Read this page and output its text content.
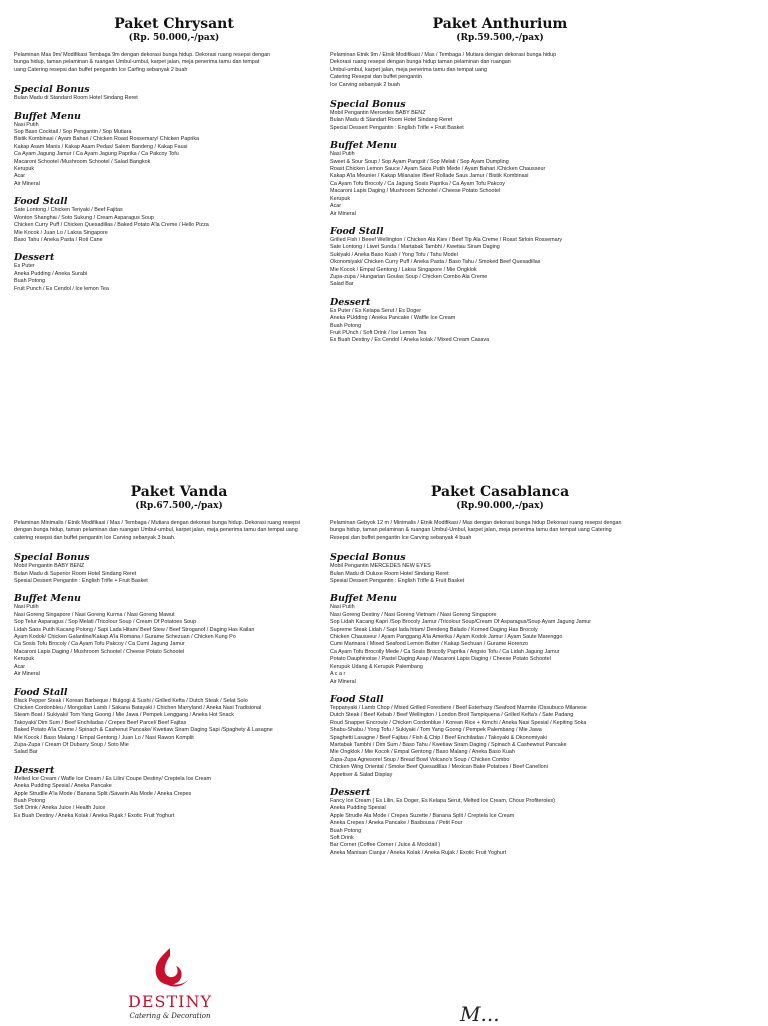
Paket Chrysant
(Rp. 50.000,-/pax)
Pelaminan Mas 9m/ Modifikasi Tembaga 9m dengan dekorasi bunga hidup. Dekorasi ruang resepsi dengan
bunga hidup, taman pelaminan & ruangan Umbul-umbul, karpet jalan, meja penerima tamu dan tempat
uang Catering resepsi dan buffet pengantin Ice Carfing sebanyak 2 buah
Special Bonus
Bulan Madu di Standard Room Hotel Sindang Reret
Buffet Menu
Nasi Putih
Sop Baso Cocktail / Sop Pengantin / Sop Mutiara
Bistik Kombinasi / Ayam Bahari / Chicken Roast Rossemary/ Chicken Paprika
Kakap Asam Manis / Kakap Asam Pedas/ Salem Bandeng / Kakap Fausi
Ca Ayam Jagung Jamur / Ca Ayam Jagung Paprika / Ca Pakcoy Tofu
Macaroni Schootel /Mushroom Schootel / Salad Bangkok
Kerupuk
Acar
Air Mineral
Food Stall
Sate Lontong / Chicken Teriyaki / Beef Fajitas
Wonton Shanghai / Soto Sukung / Cream Asparagus Soup
Chicken Curry Puff / Chicken Quesadillas / Baked Potato A'la Creme / Hello Pizza
Mie Kocok / Juan Lo / Laksa Singapore
Baso Tahu / Aneka Pasta / Roti Cane
Dessert
Es Puter
Aneka Pudding / Aneka Surabi
Buah Potong
Fruit Punch / Es Cendol / Ice lemon Tea
Paket Anthurium
(Rp.59.500,-/pax)
Pelaminan Etnik 9m / Etnik Modifikasi / Mas / Tembaga / Mutiara dengan dekorasi bunga hidup
Dekorasi ruang resepsi dengan bunga hidup taman pelaminan dan ruangan
Umbul-umbul, karpet jalan, meja penerima tamu dan tempat uang
Catering Resepsi dan buffet pengantin
Ice Carving sebanyak 2 buah
Special Bonus
Mobil Pengantin Mercedes BABY BENZ
Bulan Madu di Standart Room Hotel Sindang Reret
Special Dessert Pengantin : English Trifle + Fruit Basket
Buffet Menu
Nasi Putih
Sweet & Sour Soup / Sop Ayam Pangsit / Sop Melati / Sop Ayam Dumpling
Roast Chicken Lemon Sauce / Ayam Saos Putih Mede / Ayam Bahari /Chicken Chausseur
Kakap A'la Meunier / Kakap Milanaise /Beef Rollade Saus Jamur / Bistik Kombinasi
Ca Ayam Tofu Brocoly / Ca Jagung Sosis Paprika / Ca Ayam Tofu Pakcoy
Macaroni Lapis Daging / Mushroom Schootel / Cheese Potato Schootel
Kerupuk
Acar
Air Mineral
Food Stall
Grilled Fish / Beeef Wellington / Chicken Ala Kiev / Beef Tip Ala Creme / Roast Sirloin Rossemary
Sate Lontong / Liwet Sunda / Martabak Tambhi / Kwetiau Siram Daging
Sukiyaki / Aneka Baso Kuah / Yong Tofu / Tahu Model
Okonomiyaki/ Chicken Curry Puff / Aneka Pasta / Baso Tahu / Smoked Beef Quesadillas
Mie Kocok / Empal Gentong / Laksa Singapore / Mie Ongklok
Zupa-zupa / Hungarian Goulas Soup / Chicken Combo Ala Creme
Salad Bar
Dessert
Es Puter / Es Kelapa Serut / Es Doger
Aneka PUdding / Aneka Pancake / Waffle Ice Cream
Buah Potong
Fruit PUnch / Soft Drink / Ice Lemon Tea
Es Buah Destiny / Es Cendol / Aneka kolak / Mixed Cream Casava
Paket Vanda
(Rp.67.500,-/pax)
Pelaminan Minimalis / Etnik Modifikasi / Mas / Tembaga / Mutiara dengan dekorasi bunga hidup. Dekorasi ruang resepsi
dengan bunga hidup, taman pelaminan dan ruangan Umbul-umbul, karpet jalan, meja penerima tamu dan tempat uang
catering resepsi dan buffet pengantin Ice Carving sebanyak 3 buah.
Special Bonus
Mobil Pengantin BABY BENZ
Bulan Madu di Superior Room Hotel Sindang Reret
Spesial Dessert Pengantin : English Trifle + Fruit Basket
Buffet Menu
Nasi Putih
Nasi Goreng Singapore / Nasi Goreng Kurma / Nasi Goreng Mawut
Sop Telur Asparagus / Sop Melati /Tricolour Soup / Cream Of Potatoes Soup
Lidah Saos Putih Kacang Polong / Sapi Lada Hitam/ Beef Stew / Beef Stroganof / Daging Has Kailan
Ayam Kodok/ Chicken Galantine/Kakap A'la Romana / Gurame Schezuan / Chicken Kung Po
Ca Sosis Tofu Brocoly / Ca Ayam Tofu Pakcoy / Ca Cumi Jagung Jamur
Macaroni Lapis Daging / Mushroom Schootel / Cheese Potato Schootel
Kerupuk
Acar
Air Mineral
Food Stall
Black Pepper Steak / Korean Barbeque / Bulgogi & Sushi / Grilled Kefta / Dutch Steak / Selat Solo
Chicken Cordonbleu / Mongolian Lamb / Sakana Batayaki / Chichen Marryland / Aneka Nasi Tradisional
Steam Boat / Sukiyaki/ Tom Yang Goong / Mie Jawa / Pempek Lenggang / Aneka Hot Snack
Takoyaki/ Dim Sum / Beef Enchiladas / Crepes Beef Parcel/ Beef Fajitas
Baked Potato A'la Creme / Spinach & Cashenut Pancake/ Kwetiaw Siram Daging Sapi /Spaghety & Lasagne
Mie Kocok / Baso Malang / Empal Gentong / Juan Lo / Nasi Rawon Komplit
Zupa-Zupa / Cream Of Dubarry Soup / Soto Mie
Salad Bar
Dessert
Melted Ice Cream / Wafle Ice Cream / Es Lilin/ Coupe Destiny/ Creptela Ice Cream
Aneka Pudding Spesial / Aneka Pancake
Apple Strudlle A'la Mode / Banana Split /Savarin Ala Mode / Aneka Crepes
Buah Potong
Soft Drink / Aneka Juice / Health Juice
Es Buah Destiny / Aneka Kolak / Aneka Rujak / Exotic Fruit Yoghurt
Paket Casablanca
(Rp.90.000,-/pax)
Pelaminan Gebyok 12 m / Minimalis / Etnik Modifikasi / Mas dengan dekorasi bunga hidup Dekorasi ruang resepsi dengan
bunga hidup, taman pelaminan & ruangan Umbul-Umbul, karpet jalan, meja penerima tamu dan tempat uang Catering
Resepsi dan buffet pengantin Ice Carving sebanyak 4 buah
Special Bonus
Mobil Pengantin MERCEDES NEW EYES
Bulan Madu di Duluxe Room Hotel Sindang Reret
Spesial Dessert Pengantin : English Trifle & Fruit Basket
Buffet Menu
Nasi Putih
Nasi Goreng Destiny / Nasi Goreng Vietnam / Nasi Goreng Singapore
Sop Lidah Kacang Kapri /Sop Brocoly Jamur /Tricolour Soup/Cream Of Asparagus/Soup Ayam Jagung Jamur
Supreme Steak Lidah / Sapi lada hitam/ Dendeng Balado / Korned Daging Has Brocoly
Chicken Chausseur / Ayam Panggang A'la Amerika / Ayam Kodok Jamur / Ayam Saute Marenggo
Cumi Marinara / Mixed Seafood Lemon Butter / Kakap Sechuan / Gurame Horenzo
Ca Ayam Tofu Brocolly Mede / Ca Sosis Brocolly Paprika / Angsio Tofu / Ca Lidah Jagung Jamur
Potato Dauphinoise / Pastel Daging Asap / Macaroni Lapis Daging / Cheese Potato Schootel
Kerupuk Udang & Kerupuk Palembang
A c a r
Air Mineral
Food Stall
Teppanyaki / Lamb Chop / Mixed Grilled Forestiere / Beef Esterhazy /Seafood Marmite /Ossubuco Milanese
Dutch Steak / Beef Kebab / Beef Wellington / London Broil Tampiquena / Grilled Kefta's / Sate Padang
Roud Snapper Encroute / Chicken Cordonblue / Korean Rice + Kimchi / Aneka Nasi Spesial / Kepiting Soka
Shabu-Shabu / Yong Tofu / Sukiyaki / Tom Yang Goong / Pempek Palembang / Mie Jawa
Spaghetti Lasagne / Beef Fajitas / Fish & Chip / Beef Enchiladas / Takoyaki & Okonomiyaki
Martabak Tambhi / Dim Sum / Baso Tahu / Kwetiaw Siram Daging / Spinach & Cashewnut Pancake
Mie Ongklok / Mie Kocok / Empal Gentong / Baso Malang / Aneka Baso Kuah
Zupa-Zupa Agnesorel Soup / Bread Bowl Volcano's Soup / Chicken Combo
Chicken Wing Oriental / Smoke Beef Quesadillas / Mexican Bake Potatoes / Beef Canelloni
Appetiser & Salad Display
Dessert
Fancy Ice Cream ( Es Lilin, Es Doger, Es Kelapa Serut, Melted Ice Cream, Choux Profiteroles)
Aneka Pudding Spesial
Apple Strudle Ala Mode / Crepes Suzette / Banana Split / Creptela Ice Cream
Aneka Crepes / Aneka Pancake / Basbousa / Petit Four
Buah Potong
Soft Drink
Bar Corner (Coffee Corner / Juice & Mocktail )
Aneka Manisan Cianjur / Aneka Kolak / Aneka Rujak / Exotic Fruit Yoghurt
DESTINY
Catering & Decoration	M...
